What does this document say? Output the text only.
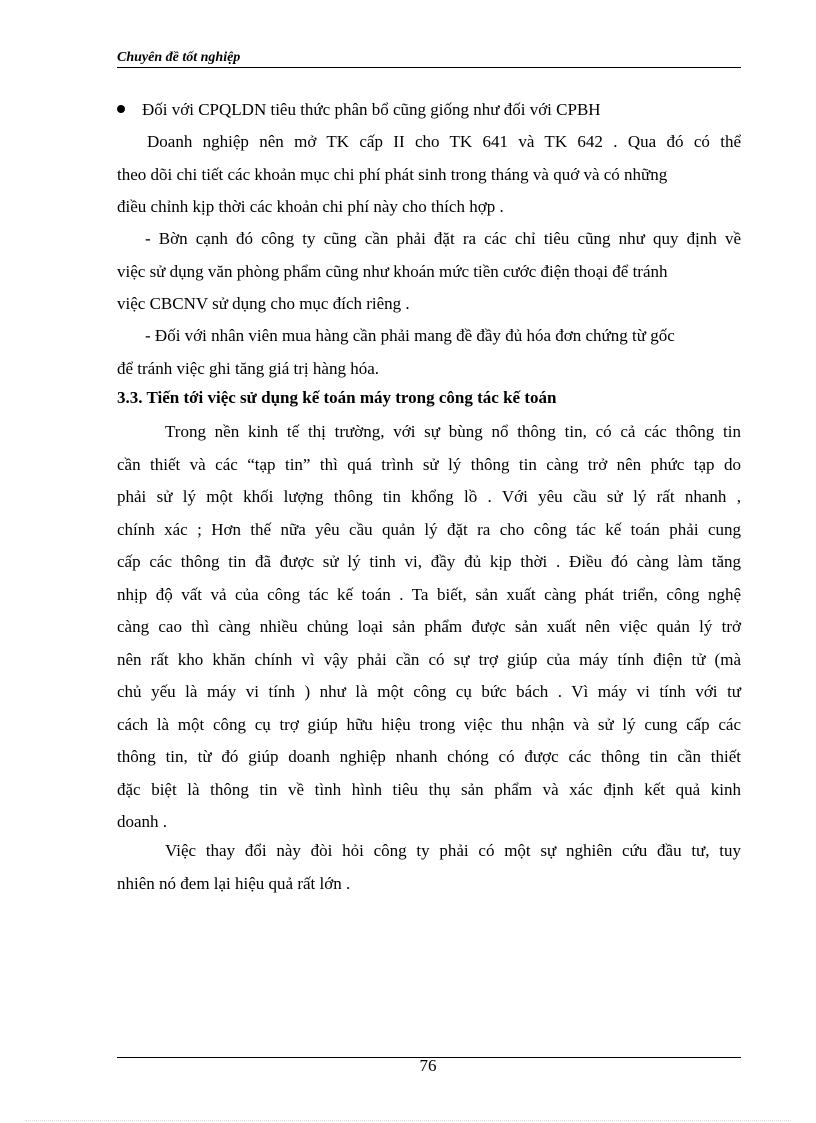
Chuyên đề tốt nghiệp
Đối với CPQLDN tiêu thức phân bổ cũng giống như đối với CPBH
Doanh nghiệp nên mở TK cấp II cho TK 641 và TK 642 . Qua đó có thể
theo dõi chi tiết các khoản mục chi phí phát sinh trong tháng và quớ và có những
điều chỉnh kịp thời các khoản chi phí này cho thích hợp .
- Bờn cạnh đó công ty cũng cần phải đặt ra các chỉ tiêu cũng như quy định về
việc sử dụng văn phòng phẩm cũng như khoán mức tiền cước điện thoại để tránh
việc CBCNV sử dụng cho mục đích riêng .
- Đối với nhân viên mua hàng cần phải mang đề đầy đủ hóa đơn chứng từ gốc
để tránh việc ghi tăng giá trị hàng hóa.
3.3. Tiến tới việc sử dụng kế toán máy trong công tác kế toán
Trong nền kinh tế thị trường, với sự bùng nổ thông tin, có cả các thông tin
cần thiết và các “tạp tin” thì quá trình sử lý thông tin càng trở nên phức tạp do
phải sử lý một khối lượng thông tin khổng lồ . Với yêu cầu sử lý rất nhanh ,
chính xác ; Hơn thế nữa yêu cầu quản lý đặt ra cho công tác kế toán phải cung
cấp các thông tin đã được sử lý tinh vi, đầy đủ kịp thời . Điều đó càng làm tăng
nhịp độ vất vả của công tác kế toán . Ta biết, sản xuất càng phát triển, công nghệ
càng cao thì càng nhiều chủng loại sản phẩm được sản xuất nên việc quản lý trở
nên rất kho khăn chính vì vậy phải cần có sự trợ giúp của máy tính điện tử (mà
chủ yếu là máy vi tính ) như là một công cụ bức bách . Vì máy vi tính với tư
cách là một công cụ trợ giúp hữu hiệu trong việc thu nhận và sử lý cung cấp các
thông tin, từ đó giúp doanh nghiệp nhanh chóng có được các thông tin cần thiết
đặc biệt là thông tin về tình hình tiêu thụ sản phẩm và xác định kết quả kinh
doanh .
Việc thay đổi này đòi hỏi công ty phải có một sự nghiên cứu đầu tư, tuy
nhiên nó đem lại hiệu quả rất lớn .
76
